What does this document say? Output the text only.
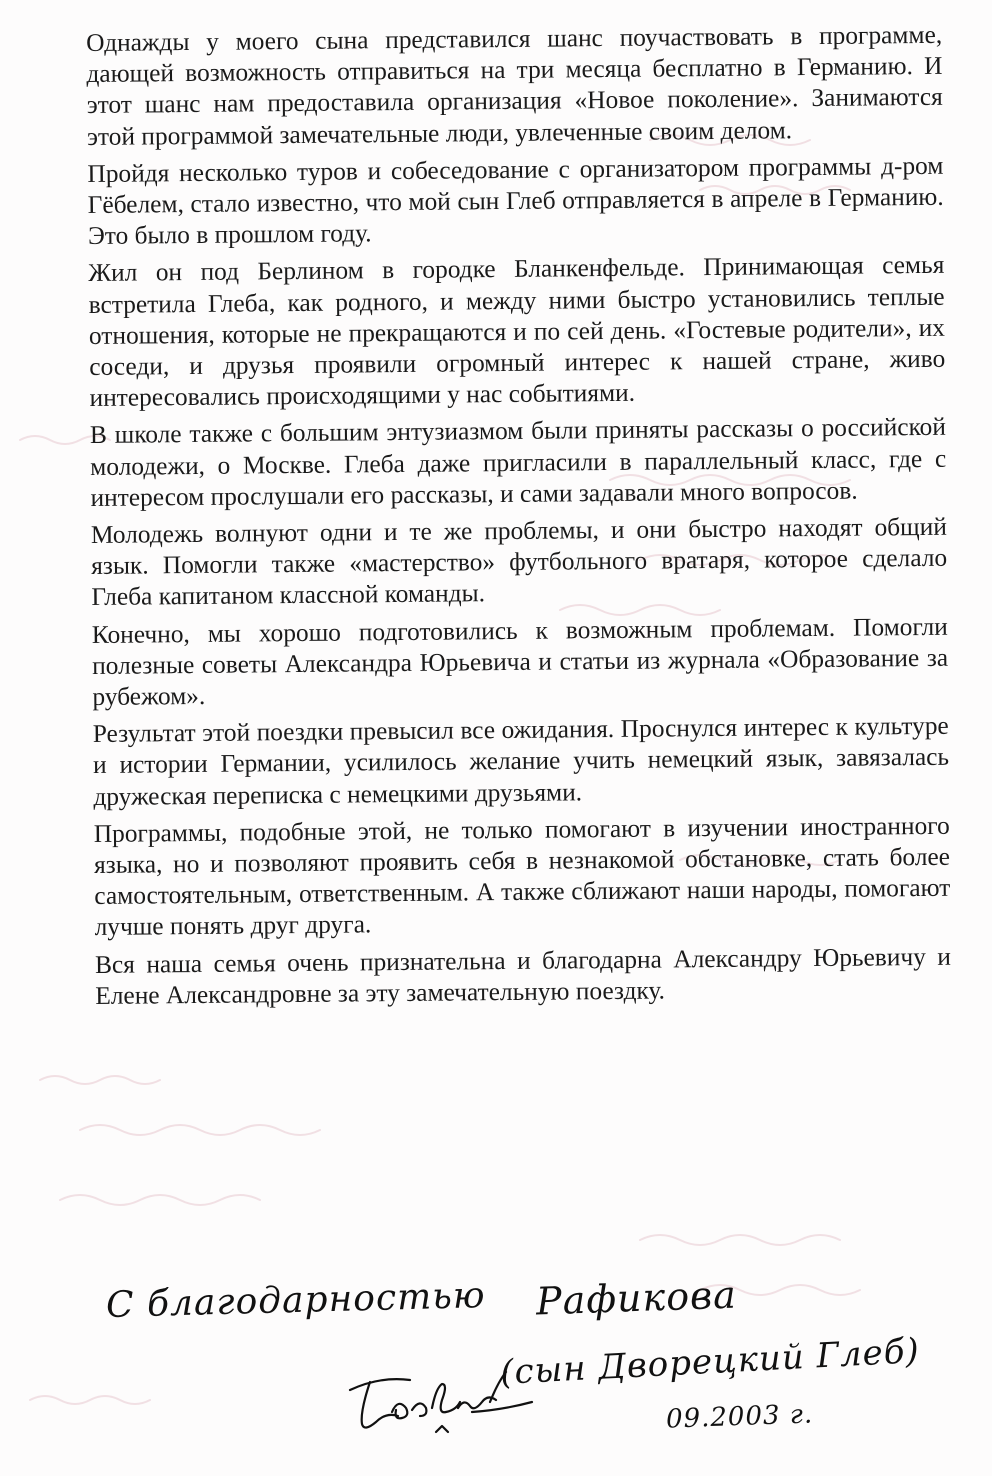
Однажды у моего сына представился шанс поучаствовать в программе, дающей возможность отправиться на три месяца бесплатно в Германию. И этот шанс нам предоставила организация «Новое поколение». Занимаются этой программой замечательные люди, увлеченные своим делом.

Пройдя несколько туров и собеседование с организатором программы д-ром Гёбелем, стало известно, что мой сын Глеб отправляется в апреле в Германию. Это было в прошлом году.

Жил он под Берлином в городке Бланкенфельде. Принимающая семья встретила Глеба, как родного, и между ними быстро установились теплые отношения, которые не прекращаются и по сей день. «Гостевые родители», их соседи, и друзья проявили огромный интерес к нашей стране, живо интересовались происходящими у нас событиями.

В школе также с большим энтузиазмом были приняты рассказы о российской молодежи, о Москве. Глеба даже пригласили в параллельный класс, где с интересом прослушали его рассказы, и сами задавали много вопросов.

Молодежь волнуют одни и те же проблемы, и они быстро находят общий язык. Помогли также «мастерство» футбольного вратаря, которое сделало Глеба капитаном классной команды.

Конечно, мы хорошо подготовились к возможным проблемам. Помогли полезные советы Александра Юрьевича и статьи из журнала «Образование за рубежом».

Результат этой поездки превысил все ожидания. Проснулся интерес к культуре и истории Германии, усилилось желание учить немецкий язык, завязалась дружеская переписка с немецкими друзьями.

Программы, подобные этой, не только помогают в изучении иностранного языка, но и позволяют проявить себя в незнакомой обстановке, стать более самостоятельным, ответственным. А также сближают наши народы, помогают лучше понять друг друга.

Вся наша семья очень признательна и благодарна Александру Юрьевичу и Елене Александровне за эту замечательную поездку.

С благодарностью Рафикова
(сын Дворецкий Глеб)
09.2003 г.
